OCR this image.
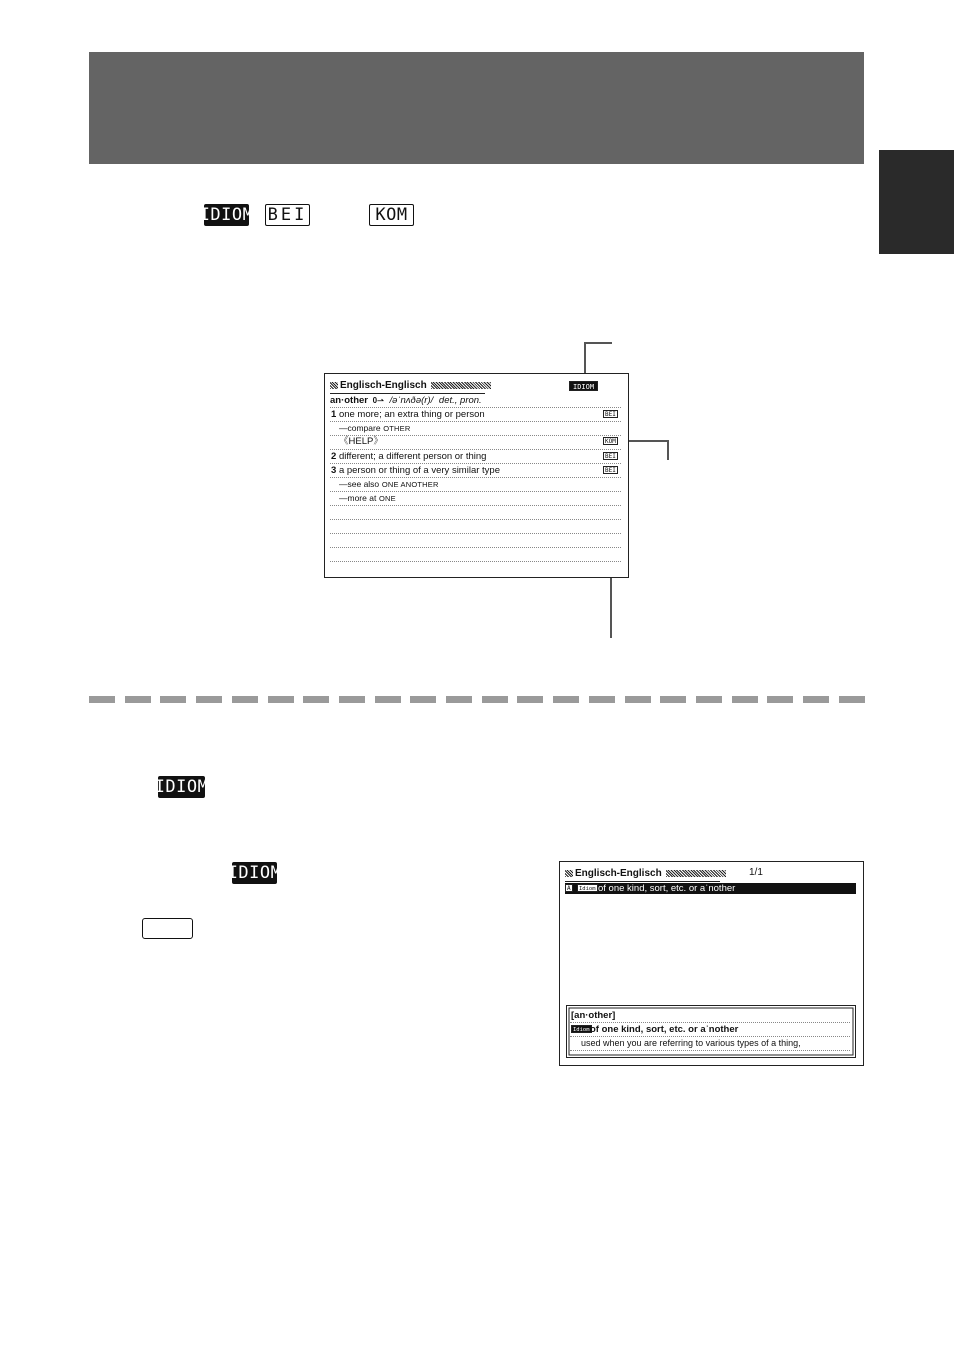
IDIOM BEI	KOM
Englisch-Englisch	IDIOM
an·other 0⇀ /əˈnʌðə(r)/ det., pron.
1 one more; an extra thing or person	BEI
—compare OTHER
《HELP》	KOM
2 different; a different person or thing	BEI
3 a person or thing of a very similar type	BEI
—see also ONE ANOTHER
—more at ONE
IDIOM
IDIOM	Englisch-Englisch	1/1
A	Idiom of one kind, sort, etc. or aˈnother
[an·other]
Idiom of one kind, sort, etc. or aˈnother
used when you are referring to various types of a thing,
